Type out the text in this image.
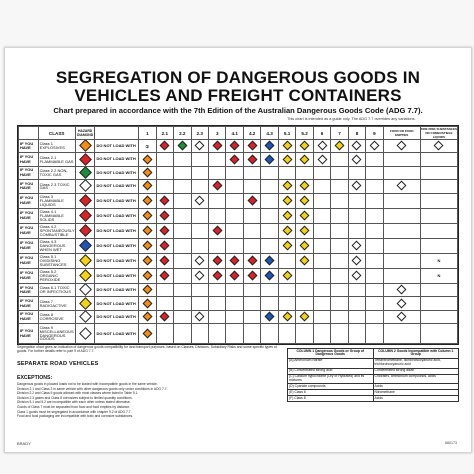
SEGREGATION OF DANGEROUS GOODS IN
VEHICLES AND FREIGHT CONTAINERS
Chart prepared in accordance with the 7th Edition of the Australian Dangerous Goods Code (ADG 7.7).
This chart is intended as a guide only. The ADG 7.7 overrides any variations.
	CLASS	HAZARD DIAMOND		1	2.1	2.2	2.3	3	4.1	4.2	4.3	5.1	5.2	6	7	8	9	FOOD OR FOOD EMPTIES	FIRE RISK SUBSTANCES OR COMBUSTIBLE LIQUIDS
IF YOU HAVE	Class 1 EXPLOSIVES		DO NOT LOAD WITH	①															
IF YOU HAVE	Class 2.1 FLAMMABLE GAS		DO NOT LOAD WITH																
IF YOU HAVE	Class 2.2 NON-TOXIC GAS		DO NOT LOAD WITH																
IF YOU HAVE	Class 2.3 TOXIC GAS		DO NOT LOAD WITH																
IF YOU HAVE	Class 3 FLAMMABLE LIQUIDS		DO NOT LOAD WITH																
IF YOU HAVE	Class 4.1 FLAMMABLE SOLIDS		DO NOT LOAD WITH																
IF YOU HAVE	Class 4.2 SPONTANEOUSLY COMBUSTIBLE		DO NOT LOAD WITH																
IF YOU HAVE	Class 4.3 DANGEROUS WHEN WET		DO NOT LOAD WITH																
IF YOU HAVE	Class 5.1 OXIDISING SUBSTANCES		DO NOT LOAD WITH																N
IF YOU HAVE	Class 5.2 ORGANIC PEROXIDE		DO NOT LOAD WITH																N
IF YOU HAVE	Class 6.1 TOXIC OR INFECTIOUS		DO NOT LOAD WITH																
IF YOU HAVE	Class 7 RADIOACTIVE		DO NOT LOAD WITH																
IF YOU HAVE	Class 8 CORROSIVE		DO NOT LOAD WITH																
IF YOU HAVE	Class 9 MISCELLANEOUS DANGEROUS GOODS		DO NOT LOAD WITH																
Segregation chart gives an indication of dangerous goods compatibility for land transport purposes, based on Classes, Divisions, Subsidiary Risks and some specific types of goods. For further details refer to part 9 of ADG 7.7.
SEPARATE ROAD VEHICLES
EXCEPTIONS:
Dangerous goods in placard loads not to be loaded with incompatible goods in the same vehicle.
Division 2.1 and Class 3 in same vehicle with other dangerous goods only under conditions in ADG 7.7.
Division 2.2 and Class 9 goods allowed with most classes where listed in Table 9.1.
Division 2.3 gases and Class 8 corrosives subject to limited quantity conditions.
Division 5.1 and 5.2 are incompatible with each other unless stated otherwise.
Goods of Class 7 must be separated from food and food empties by distance.
Class 1 goods must be segregated in accordance with chapter 9.2 of ADG 7.7.
Food and food packaging are incompatible with toxic and corrosive substances.
COLUMN 1 Dangerous Goods or Group of Dangerous Goods	COLUMN 2 Goods Incompatible with Column 1 Group
(A) Ammonium Nitrate	Tetranitromethane, dichloroisocyanuric acid, trichloroisocyanuric acid
(B) Concentrated strong acid	Concentrated strong alkali
(C) Calcium hypochlorite (Dry or Hydrated) and its mixtures	Chlorates, ammonium compounds, acids
(D) Cyanide compounds	Acids
(E) Class 6	Nitromethane
(F) Class 8	Acids
BRADY	880173
